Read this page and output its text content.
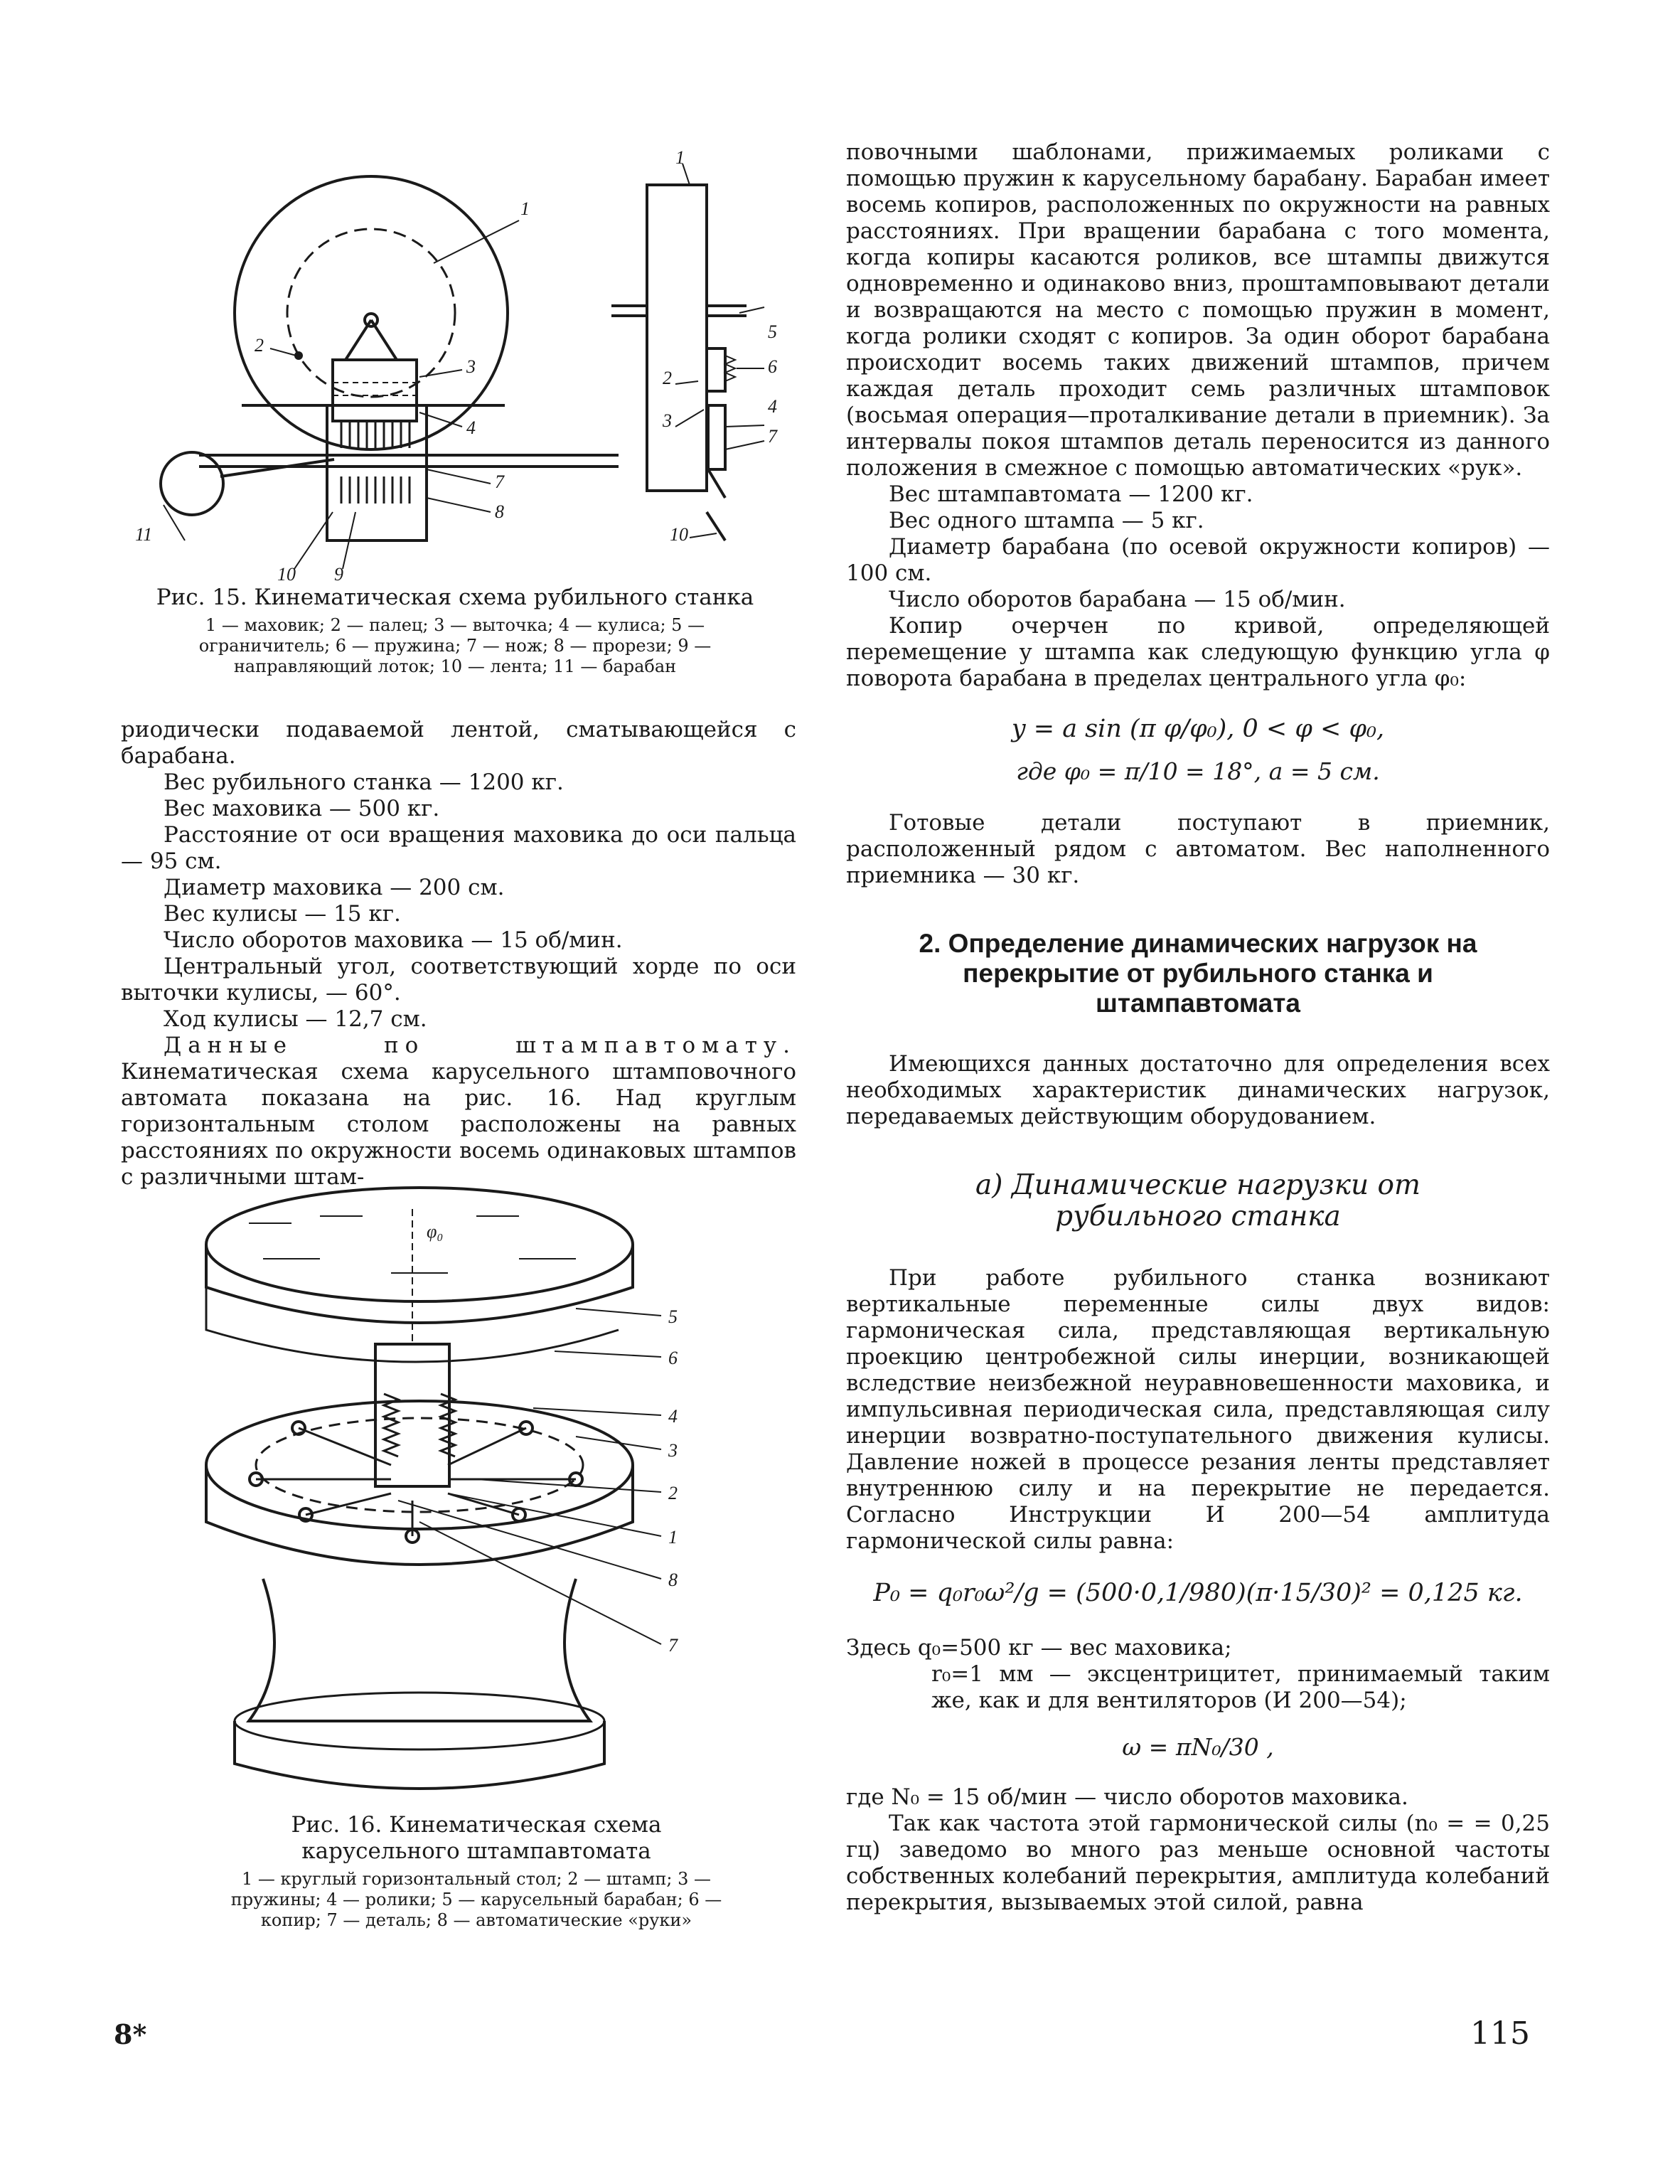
1
2
3
4
7
8
9
10
11
1
2
3
4
5
6
7
10

Рис. 15. Кинематическая схема рубильного станка

1 — маховик; 2 — палец; 3 — выточка; 4 — кулиса; 5 — ограничитель; 6 — пружина; 7 — нож; 8 — прорези; 9 — направляющий лоток; 10 — лента; 11 — барабан

риодически подаваемой лентой, сматывающейся с барабана.

Вес рубильного станка — 1200 кг.

Вес маховика — 500 кг.

Расстояние от оси вращения маховика до оси пальца — 95 см.

Диаметр маховика — 200 см.

Вес кулисы — 15 кг.

Число оборотов маховика — 15 об/мин.

Центральный угол, соответствующий хорде по оси выточки кулисы, — 60°.

Ход кулисы — 12,7 см.

Данные по штампавтомату. Кинематическая схема карусельного штамповочного автомата показана на рис. 16. Над круглым горизонтальным столом расположены на равных расстояниях по окружности восемь одинаковых штампов с различными штам-

φ₀
5
6
4
3
2
1
8
7

Рис. 16. Кинематическая схема карусельного штампавтомата

1 — круглый горизонтальный стол; 2 — штамп; 3 — пружины; 4 — ролики; 5 — карусельный барабан; 6 — копир; 7 — деталь; 8 — автоматические «руки»

повочными шаблонами, прижимаемых роликами с помощью пружин к карусельному барабану. Барабан имеет восемь копиров, расположенных по окружности на равных расстояниях. При вращении барабана с того момента, когда копиры касаются роликов, все штампы движутся одновременно и одинаково вниз, проштамповывают детали и возвращаются на место с помощью пружин в момент, когда ролики сходят с копиров. За один оборот барабана происходит восемь таких движений штампов, причем каждая деталь проходит семь различных штамповок (восьмая операция—проталкивание детали в приемник). За интервалы покоя штампов деталь переносится из данного положения в смежное с помощью автоматических «рук».

Вес штампавтомата — 1200 кг.

Вес одного штампа — 5 кг.

Диаметр барабана (по осевой окружности копиров) — 100 см.

Число оборотов барабана — 15 об/мин.

Копир очерчен по кривой, определяющей перемещение y штампа как следующую функцию угла φ поворота барабана в пределах центрального угла φ₀:

y = a sin (π φ/φ₀), 0 < φ < φ₀,

где φ₀ = π/10 = 18°, a = 5 см.

Готовые детали поступают в приемник, расположенный рядом с автоматом. Вес наполненного приемника — 30 кг.

2. Определение динамических нагрузок на перекрытие от рубильного станка и штампавтомата

Имеющихся данных достаточно для определения всех необходимых характеристик динамических нагрузок, передаваемых действующим оборудованием.

а) Динамические нагрузки от рубильного станка

При работе рубильного станка возникают вертикальные переменные силы двух видов: гармоническая сила, представляющая вертикальную проекцию центробежной силы инерции, возникающей вследствие неизбежной неуравновешенности маховика, и импульсивная периодическая сила, представляющая силу инерции возвратно-поступательного движения кулисы. Давление ножей в процессе резания ленты представляет внутреннюю силу и на перекрытие не передается. Согласно Инструкции И 200—54 амплитуда гармонической силы равна:

P₀ = q₀r₀ω²/g = (500·0,1/980)(π·15/30)² = 0,125 кг.

Здесь q₀=500 кг — вес маховика;

r₀=1 мм — эксцентрицитет, принимаемый таким же, как и для вентиляторов (И 200—54);

ω = πN₀/30 ,

где N₀ = 15 об/мин — число оборотов маховика.

Так как частота этой гармонической силы (n₀ = = 0,25 гц) заведомо во много раз меньше основной частоты собственных колебаний перекрытия, амплитуда колебаний перекрытия, вызываемых этой силой, равна

8*	115
